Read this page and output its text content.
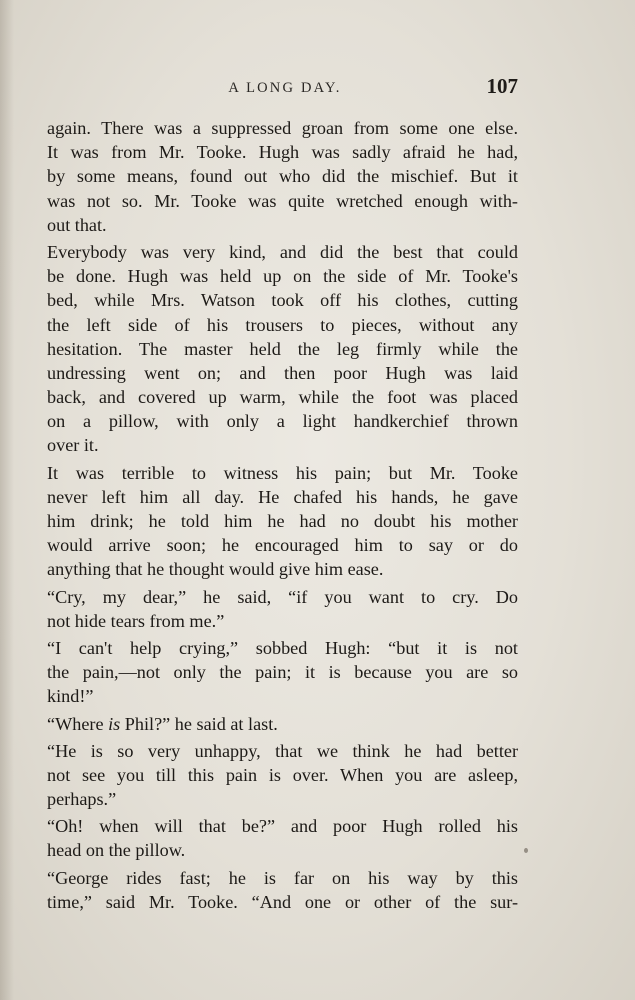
A LONG DAY.	107
again. There was a suppressed groan from some one else.
It was from Mr. Tooke. Hugh was sadly afraid he had,
by some means, found out who did the mischief. But it
was not so. Mr. Tooke was quite wretched enough with-
out that.
Everybody was very kind, and did the best that could
be done. Hugh was held up on the side of Mr. Tooke's
bed, while Mrs. Watson took off his clothes, cutting
the left side of his trousers to pieces, without any
hesitation. The master held the leg firmly while the
undressing went on; and then poor Hugh was laid
back, and covered up warm, while the foot was placed
on a pillow, with only a light handkerchief thrown
over it.
It was terrible to witness his pain; but Mr. Tooke
never left him all day. He chafed his hands, he gave
him drink; he told him he had no doubt his mother
would arrive soon; he encouraged him to say or do
anything that he thought would give him ease.
“Cry, my dear,” he said, “if you want to cry. Do
not hide tears from me.”
“I can't help crying,” sobbed Hugh: “but it is not
the pain,—not only the pain; it is because you are so
kind!”
“Where is Phil?” he said at last.
“He is so very unhappy, that we think he had better
not see you till this pain is over. When you are asleep,
perhaps.”
“Oh! when will that be?” and poor Hugh rolled his
head on the pillow.
“George rides fast; he is far on his way by this
time,” said Mr. Tooke. “And one or other of the sur-
